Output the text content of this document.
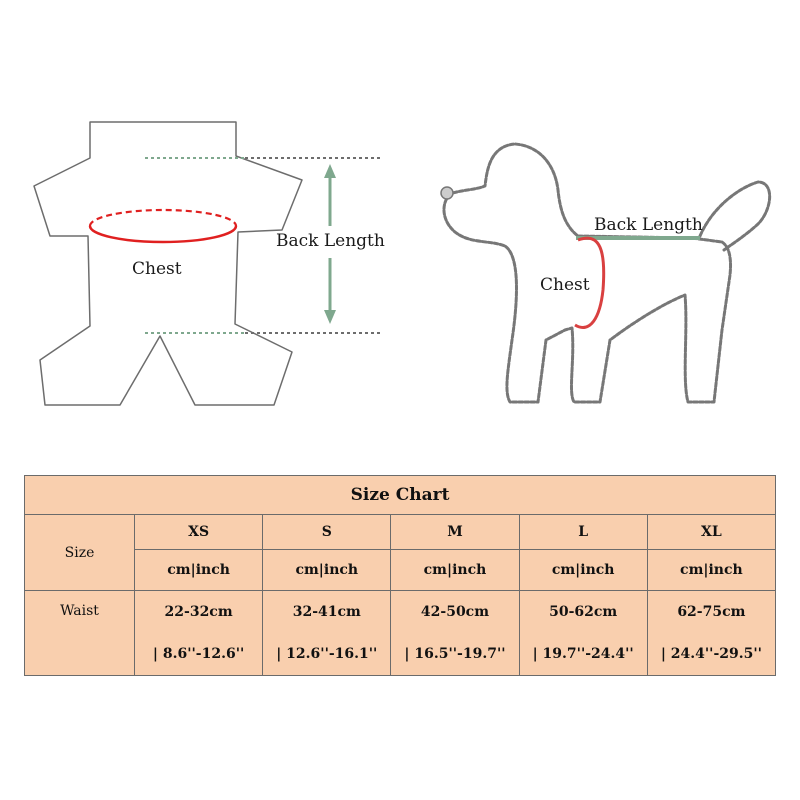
Chest
Back Length
Back Length
Chest
Size Chart					
Size	XS	S	M	L	XL
	cm|inch	cm|inch	cm|inch	cm|inch	cm|inch
Waist	22-32cm	32-41cm	42-50cm	50-62cm	62-75cm
	| 8.6''-12.6''	| 12.6''-16.1''	| 16.5''-19.7''	| 19.7''-24.4''	| 24.4''-29.5''
